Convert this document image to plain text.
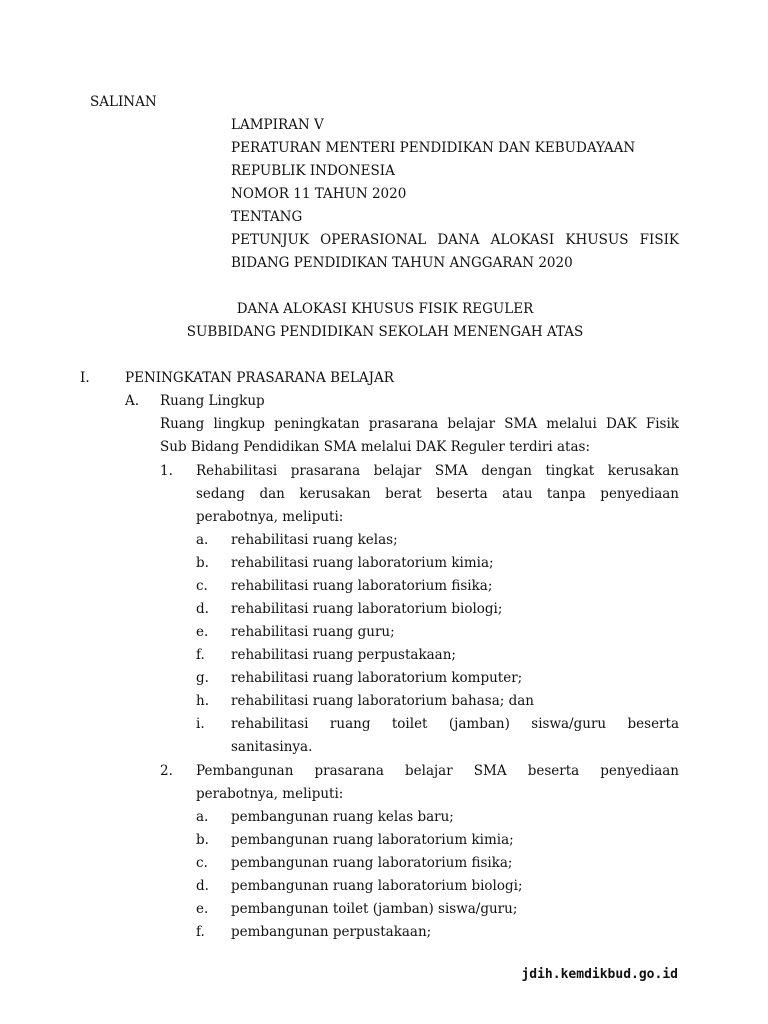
SALINAN
LAMPIRAN V
PERATURAN MENTERI PENDIDIKAN DAN KEBUDAYAAN
REPUBLIK INDONESIA
NOMOR 11 TAHUN 2020
TENTANG
PETUNJUK OPERASIONAL DANA ALOKASI KHUSUS FISIK
BIDANG PENDIDIKAN TAHUN ANGGARAN 2020
DANA ALOKASI KHUSUS FISIK REGULER
SUBBIDANG PENDIDIKAN SEKOLAH MENENGAH ATAS
I.	PENINGKATAN PRASARANA BELAJAR
A. Ruang Lingkup
Ruang lingkup peningkatan prasarana belajar SMA melalui DAK Fisik
Sub Bidang Pendidikan SMA melalui DAK Reguler terdiri atas:
1. Rehabilitasi prasarana belajar SMA dengan tingkat kerusakan
sedang dan kerusakan berat beserta atau tanpa penyediaan
perabotnya, meliputi:
a. rehabilitasi ruang kelas;
b. rehabilitasi ruang laboratorium kimia;
c. rehabilitasi ruang laboratorium fisika;
d. rehabilitasi ruang laboratorium biologi;
e. rehabilitasi ruang guru;
f. rehabilitasi ruang perpustakaan;
g. rehabilitasi ruang laboratorium komputer;
h. rehabilitasi ruang laboratorium bahasa; dan
i. rehabilitasi ruang toilet (jamban) siswa/guru beserta
sanitasinya.
2. Pembangunan prasarana belajar SMA beserta penyediaan
perabotnya, meliputi:
a. pembangunan ruang kelas baru;
b. pembangunan ruang laboratorium kimia;
c. pembangunan ruang laboratorium fisika;
d. pembangunan ruang laboratorium biologi;
e. pembangunan toilet (jamban) siswa/guru;
f. pembangunan perpustakaan;
jdih.kemdikbud.go.id
